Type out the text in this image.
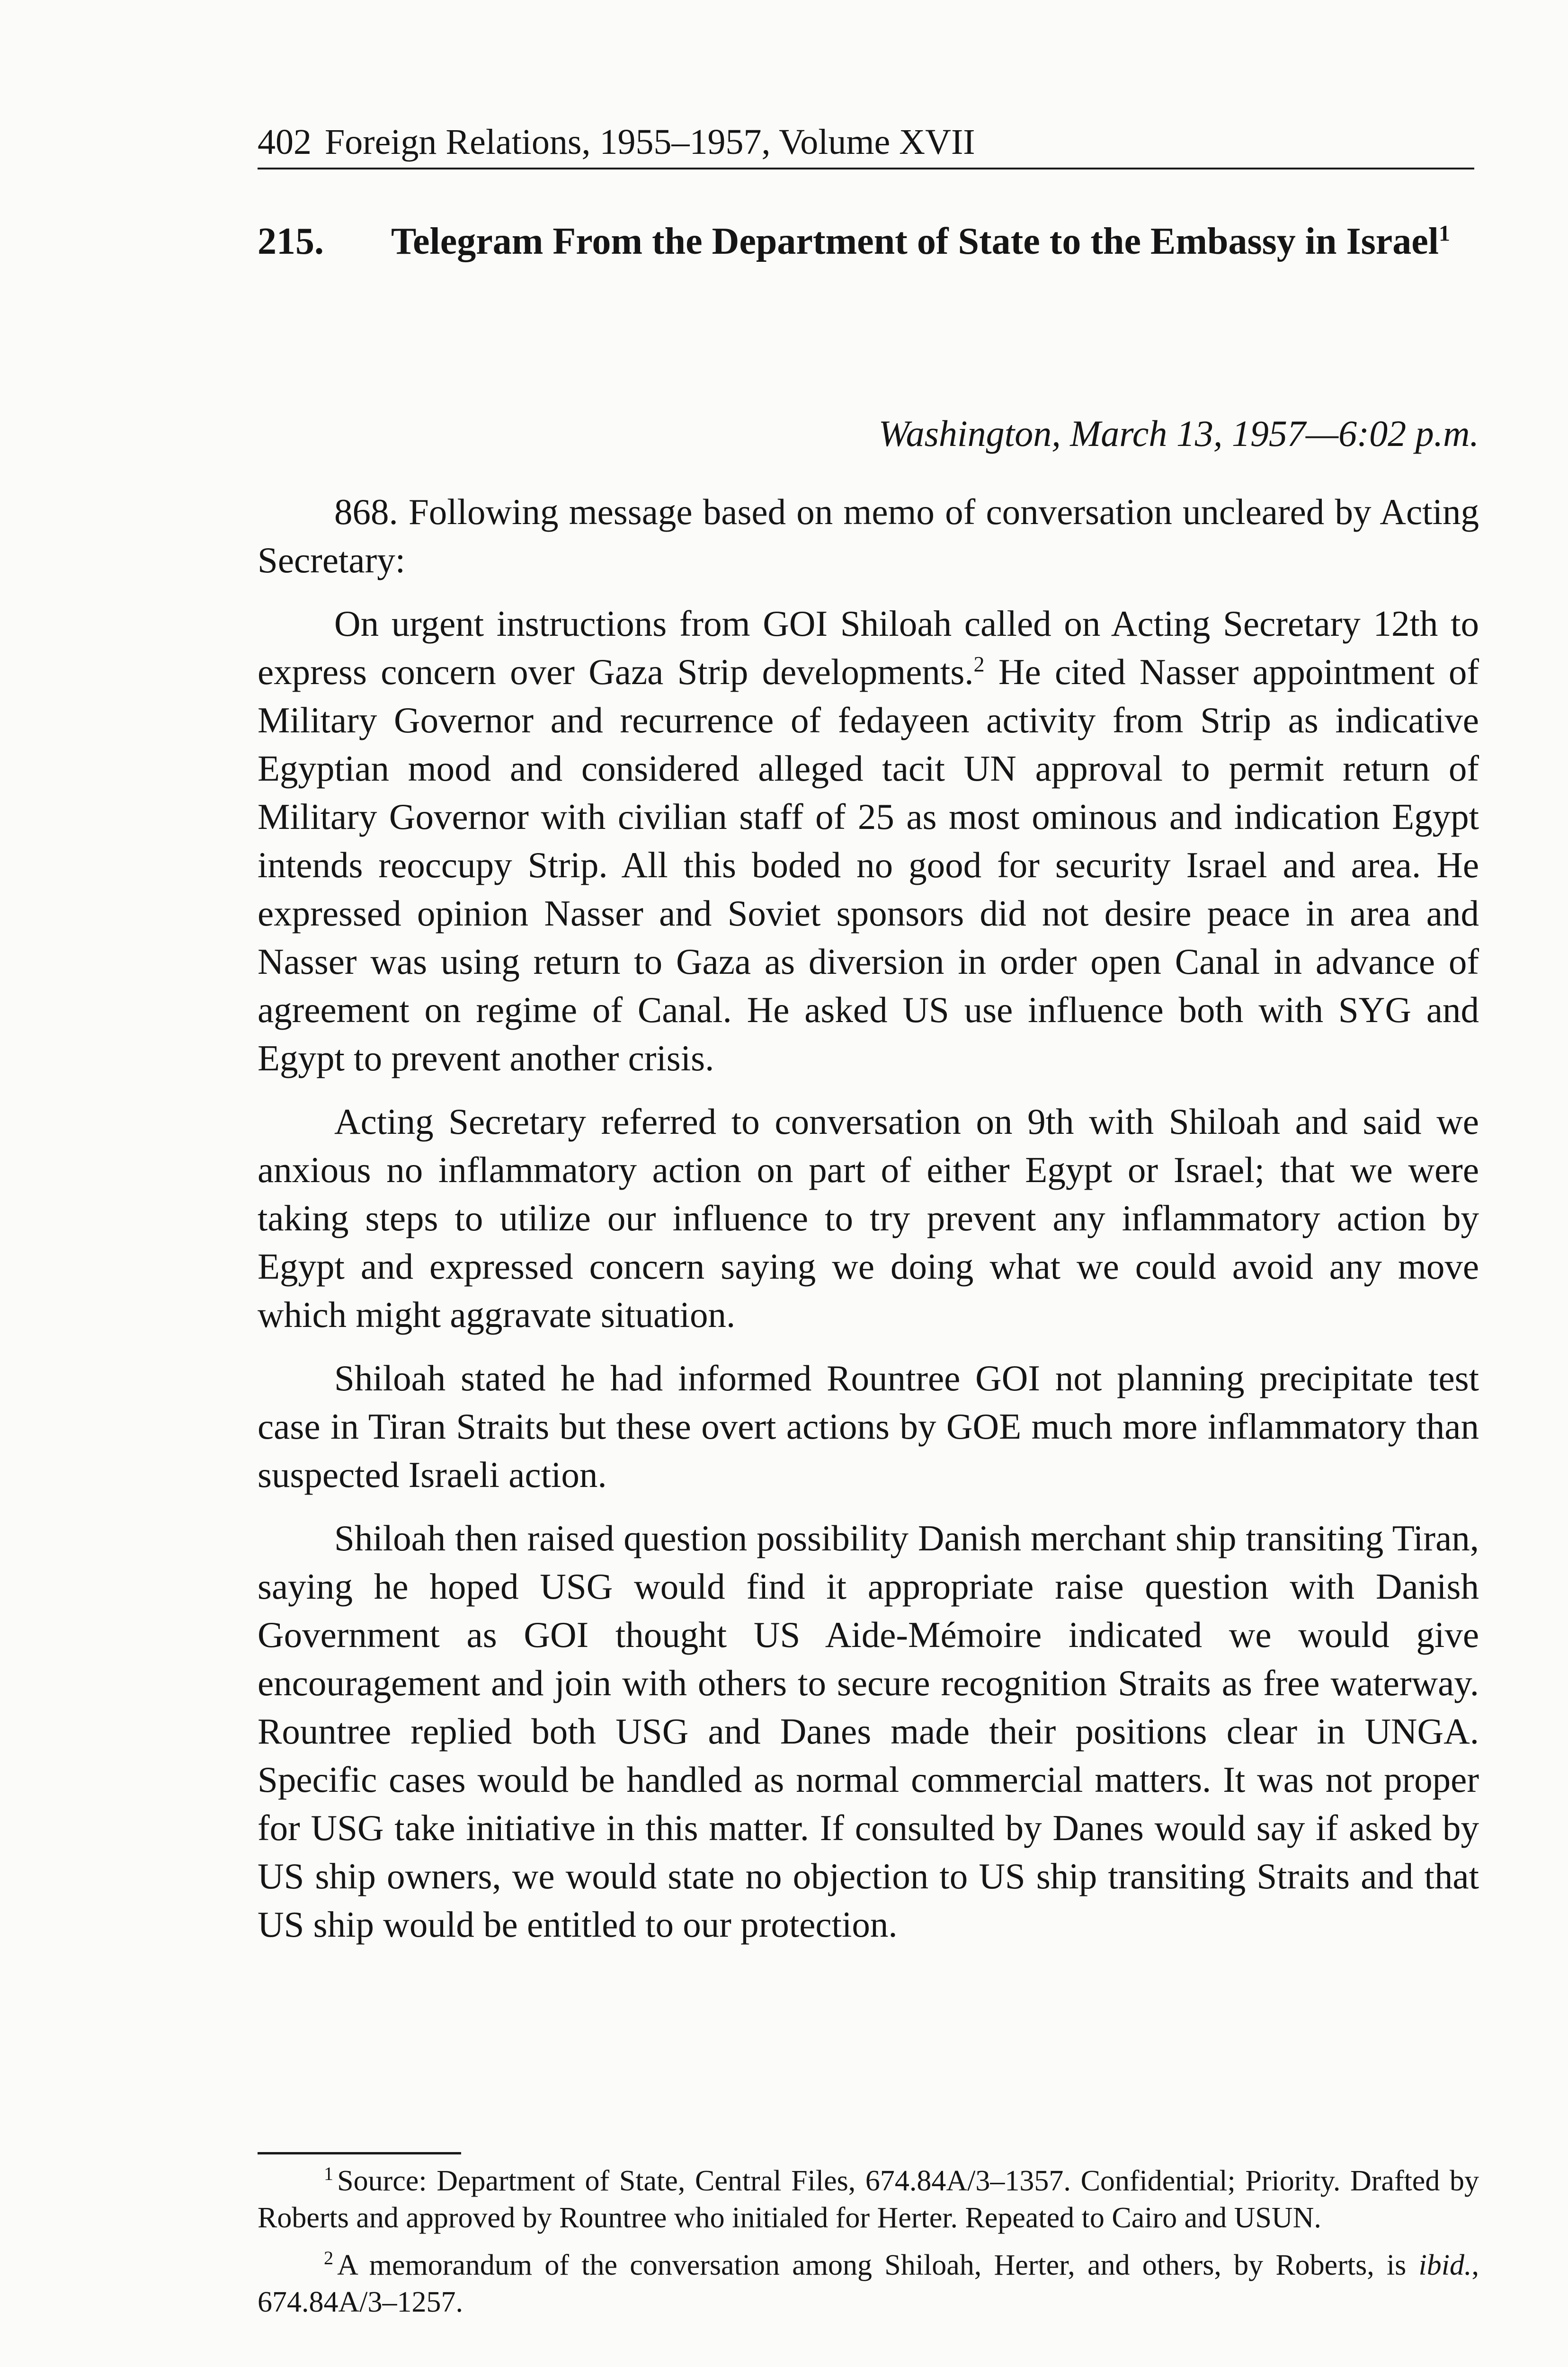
402 Foreign Relations, 1955–1957, Volume XVII
215. Telegram From the Department of State to the Embassy in Israel$^1$
Washington, March 13, 1957—6:02 p.m.

868. Following message based on memo of conversation uncleared by Acting Secretary:

On urgent instructions from GOI Shiloah called on Acting Secretary 12th to express concern over Gaza Strip developments.$^2$ He cited Nasser appointment of Military Governor and recurrence of fedayeen activity from Strip as indicative Egyptian mood and considered alleged tacit UN approval to permit return of Military Governor with civilian staff of 25 as most ominous and indication Egypt intends reoccupy Strip. All this boded no good for security Israel and area. He expressed opinion Nasser and Soviet sponsors did not desire peace in area and Nasser was using return to Gaza as diversion in order open Canal in advance of agreement on regime of Canal. He asked US use influence both with SYG and Egypt to prevent another crisis.

Acting Secretary referred to conversation on 9th with Shiloah and said we anxious no inflammatory action on part of either Egypt or Israel; that we were taking steps to utilize our influence to try prevent any inflammatory action by Egypt and expressed concern saying we doing what we could avoid any move which might aggravate situation.

Shiloah stated he had informed Rountree GOI not planning precipitate test case in Tiran Straits but these overt actions by GOE much more inflammatory than suspected Israeli action.

Shiloah then raised question possibility Danish merchant ship transiting Tiran, saying he hoped USG would find it appropriate raise question with Danish Government as GOI thought US Aide-Mémoire indicated we would give encouragement and join with others to secure recognition Straits as free waterway. Rountree replied both USG and Danes made their positions clear in UNGA. Specific cases would be handled as normal commercial matters. It was not proper for USG take initiative in this matter. If consulted by Danes would say if asked by US ship owners, we would state no objection to US ship transiting Straits and that US ship would be entitled to our protection.

$^1$ Source: Department of State, Central Files, 674.84A/3–1357. Confidential; Priority. Drafted by Roberts and approved by Rountree who initialed for Herter. Repeated to Cairo and USUN.

$^2$ A memorandum of the conversation among Shiloah, Herter, and others, by Roberts, is ibid., 674.84A/3–1257.
